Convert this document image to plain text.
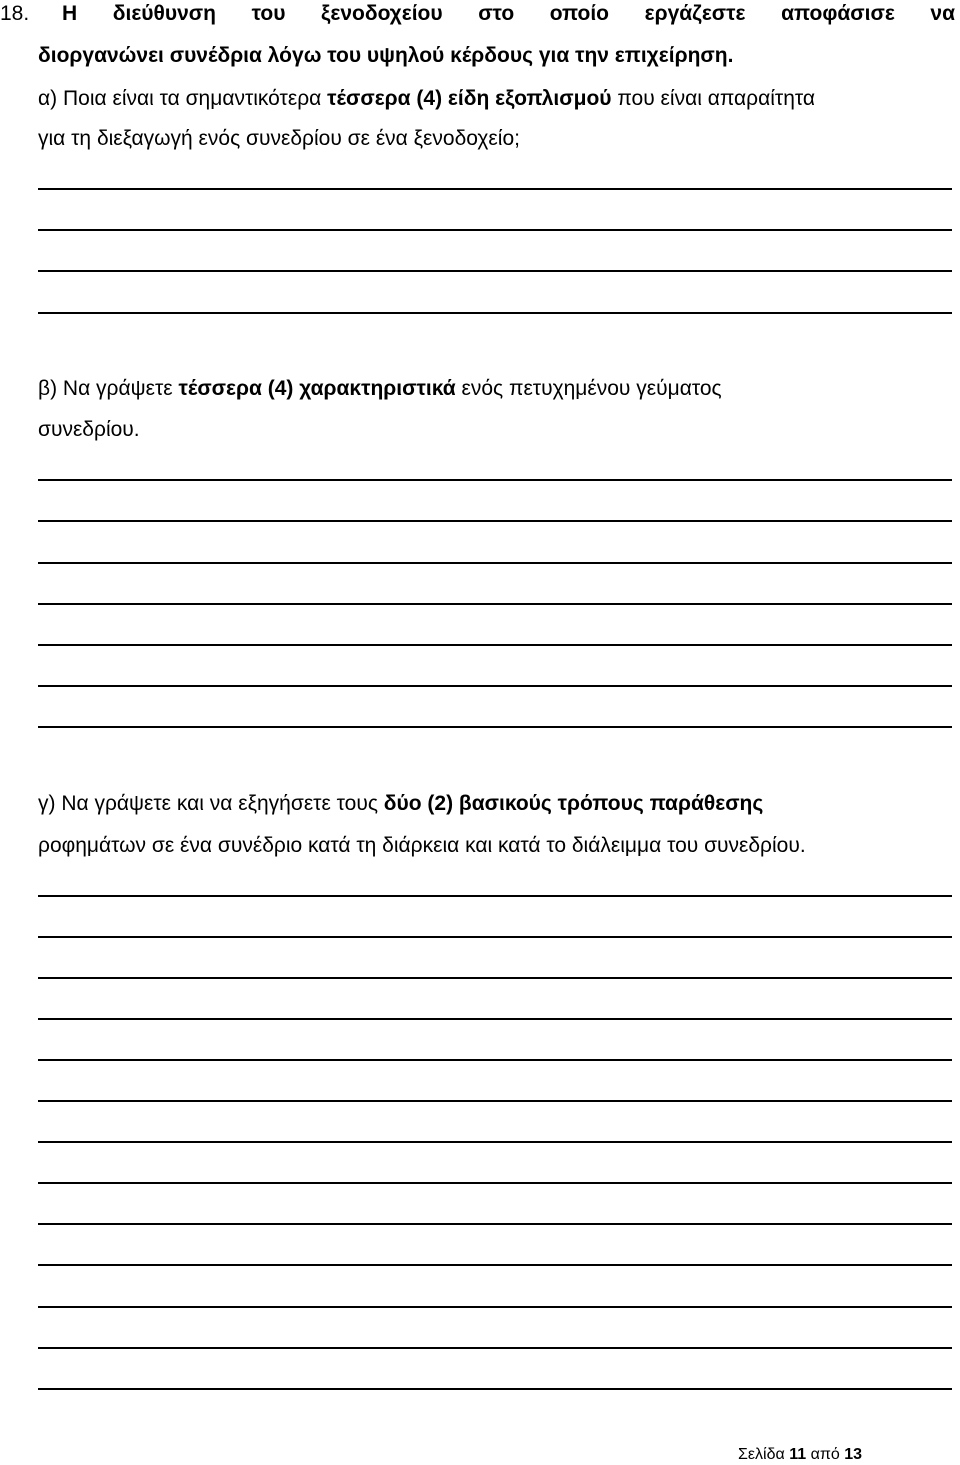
18. Η διεύθυνση του ξενοδοχείου στο οποίο εργάζεστε αποφάσισε να
διοργανώνει συνέδρια λόγω του υψηλού κέρδους για την επιχείρηση.
α) Ποια είναι τα σημαντικότερα τέσσερα (4) είδη εξοπλισμού που είναι απαραίτητα
για τη διεξαγωγή ενός συνεδρίου σε ένα ξενοδοχείο;
β) Να γράψετε τέσσερα (4) χαρακτηριστικά ενός πετυχημένου γεύματος
συνεδρίου.
γ) Να γράψετε και να εξηγήσετε τους δύο (2) βασικούς τρόπους παράθεσης
ροφημάτων σε ένα συνέδριο κατά τη διάρκεια και κατά το διάλειμμα του συνεδρίου.
Σελίδα 11 από 13
